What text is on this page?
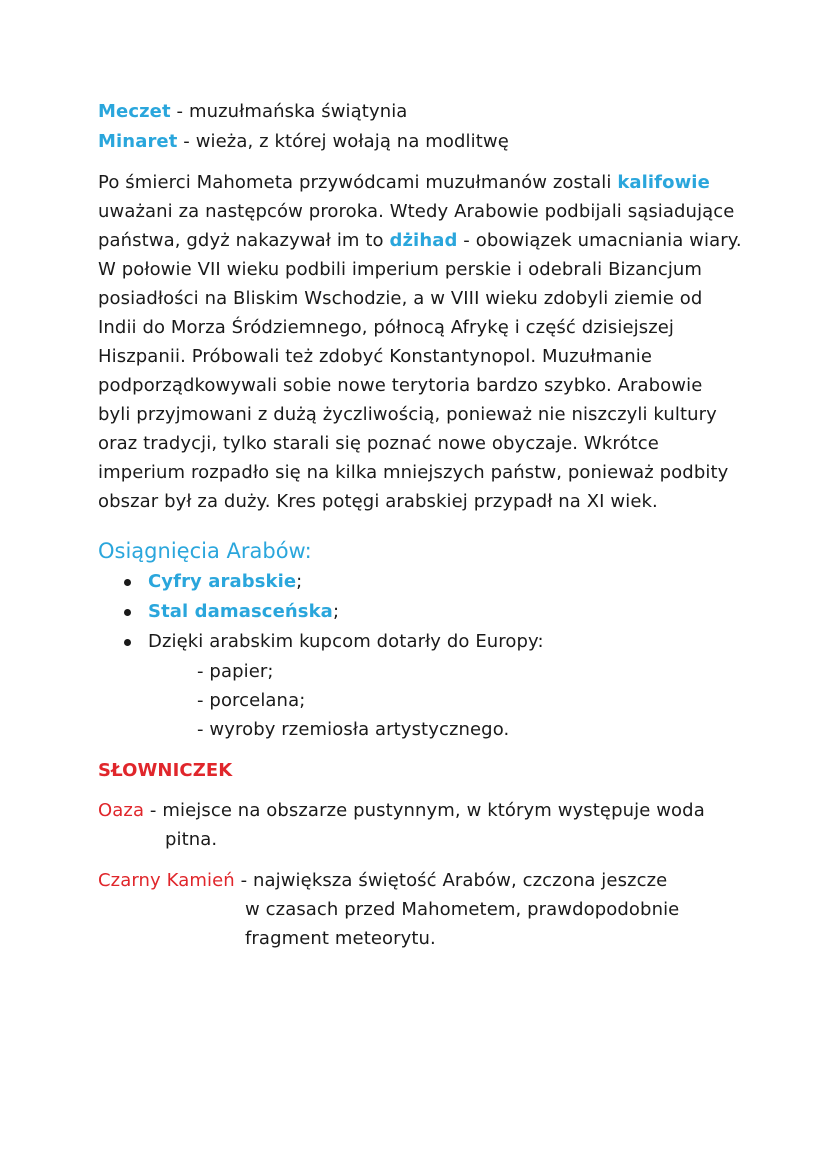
Meczet - muzułmańska świątynia
Minaret - wieża, z której wołają na modlitwę
Po śmierci Mahometa przywódcami muzułmanów zostali kalifowie
uważani za następców proroka. Wtedy Arabowie podbijali sąsiadujące
państwa, gdyż nakazywał im to dżihad - obowiązek umacniania wiary.
W połowie VII wieku podbili imperium perskie i odebrali Bizancjum
posiadłości na Bliskim Wschodzie, a w VIII wieku zdobyli ziemie od
Indii do Morza Śródziemnego, północą Afrykę i część dzisiejszej
Hiszpanii. Próbowali też zdobyć Konstantynopol. Muzułmanie
podporządkowywali sobie nowe terytoria bardzo szybko. Arabowie
byli przyjmowani z dużą życzliwością, ponieważ nie niszczyli kultury
oraz tradycji, tylko starali się poznać nowe obyczaje. Wkrótce
imperium rozpadło się na kilka mniejszych państw, ponieważ podbity
obszar był za duży. Kres potęgi arabskiej przypadł na XI wiek.
Osiągnięcia Arabów:
Cyfry arabskie;
Stal damasceńska;
Dzięki arabskim kupcom dotarły do Europy:
- papier;
- porcelana;
- wyroby rzemiosła artystycznego.
SŁOWNICZEK
Oaza - miejsce na obszarze pustynnym, w którym występuje woda
pitna.
Czarny Kamień - największa świętość Arabów, czczona jeszcze
w czasach przed Mahometem, prawdopodobnie
fragment meteorytu.
